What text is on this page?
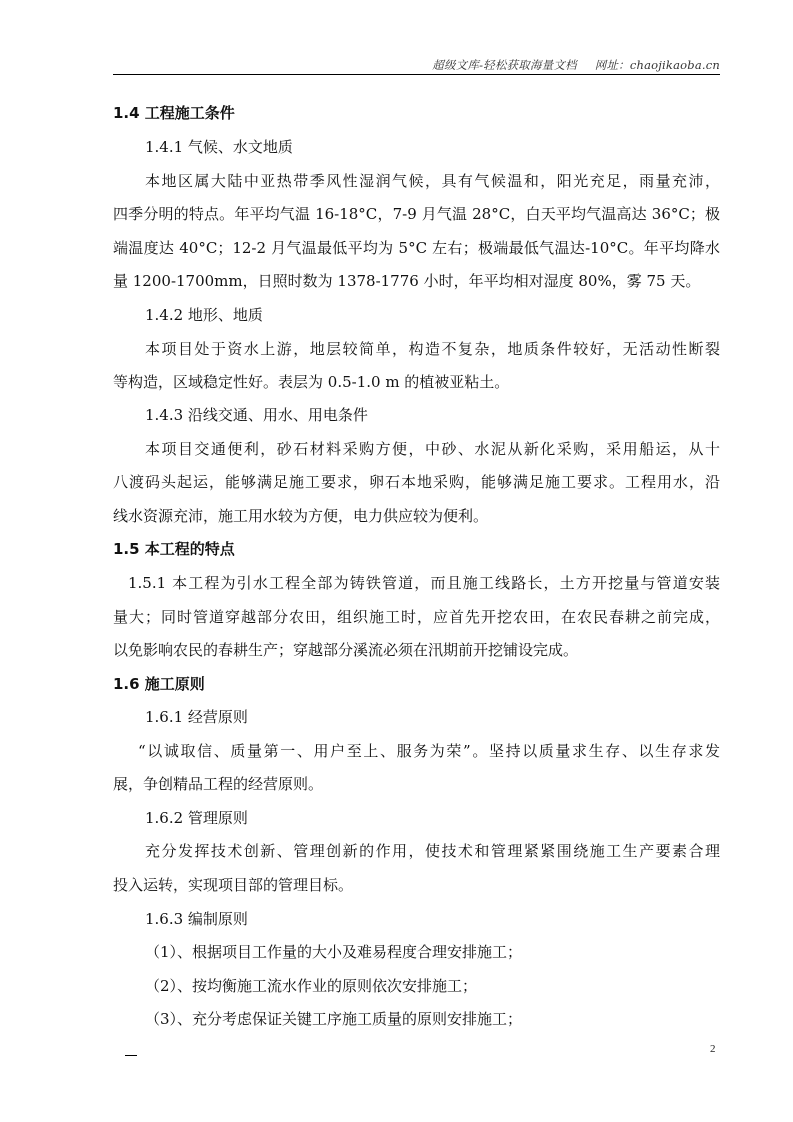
超级文库-轻松获取海量文档 网址：chaojikaoba.cn
1.4 工程施工条件
1.4.1 气候、水文地质
本地区属大陆中亚热带季风性湿润气候，具有气候温和，阳光充足，雨量充沛，
四季分明的特点。年平均气温 16-18°C，7-9 月气温 28°C，白天平均气温高达 36°C；极
端温度达 40°C；12-2 月气温最低平均为 5°C 左右；极端最低气温达-10°C。年平均降水
量 1200-1700mm，日照时数为 1378-1776 小时，年平均相对湿度 80%，雾 75 天。
1.4.2 地形、地质
本项目处于资水上游，地层较简单，构造不复杂，地质条件较好，无活动性断裂
等构造，区域稳定性好。表层为 0.5-1.0 m 的植被亚粘土。
1.4.3 沿线交通、用水、用电条件
本项目交通便利，砂石材料采购方便，中砂、水泥从新化采购，采用船运，从十
八渡码头起运，能够满足施工要求，卵石本地采购，能够满足施工要求。工程用水，沿
线水资源充沛，施工用水较为方便，电力供应较为便利。
1.5 本工程的特点
1.5.1 本工程为引水工程全部为铸铁管道，而且施工线路长，土方开挖量与管道安装
量大；同时管道穿越部分农田，组织施工时，应首先开挖农田，在农民春耕之前完成，
以免影响农民的春耕生产；穿越部分溪流必须在汛期前开挖铺设完成。
1.6 施工原则
1.6.1 经营原则
“以诚取信、质量第一、用户至上、服务为荣”。坚持以质量求生存、以生存求发
展，争创精品工程的经营原则。
1.6.2 管理原则
充分发挥技术创新、管理创新的作用，使技术和管理紧紧围绕施工生产要素合理
投入运转，实现项目部的管理目标。
1.6.3 编制原则
（1）、根据项目工作量的大小及难易程度合理安排施工；
（2）、按均衡施工流水作业的原则依次安排施工；
（3）、充分考虑保证关键工序施工质量的原则安排施工；
2
